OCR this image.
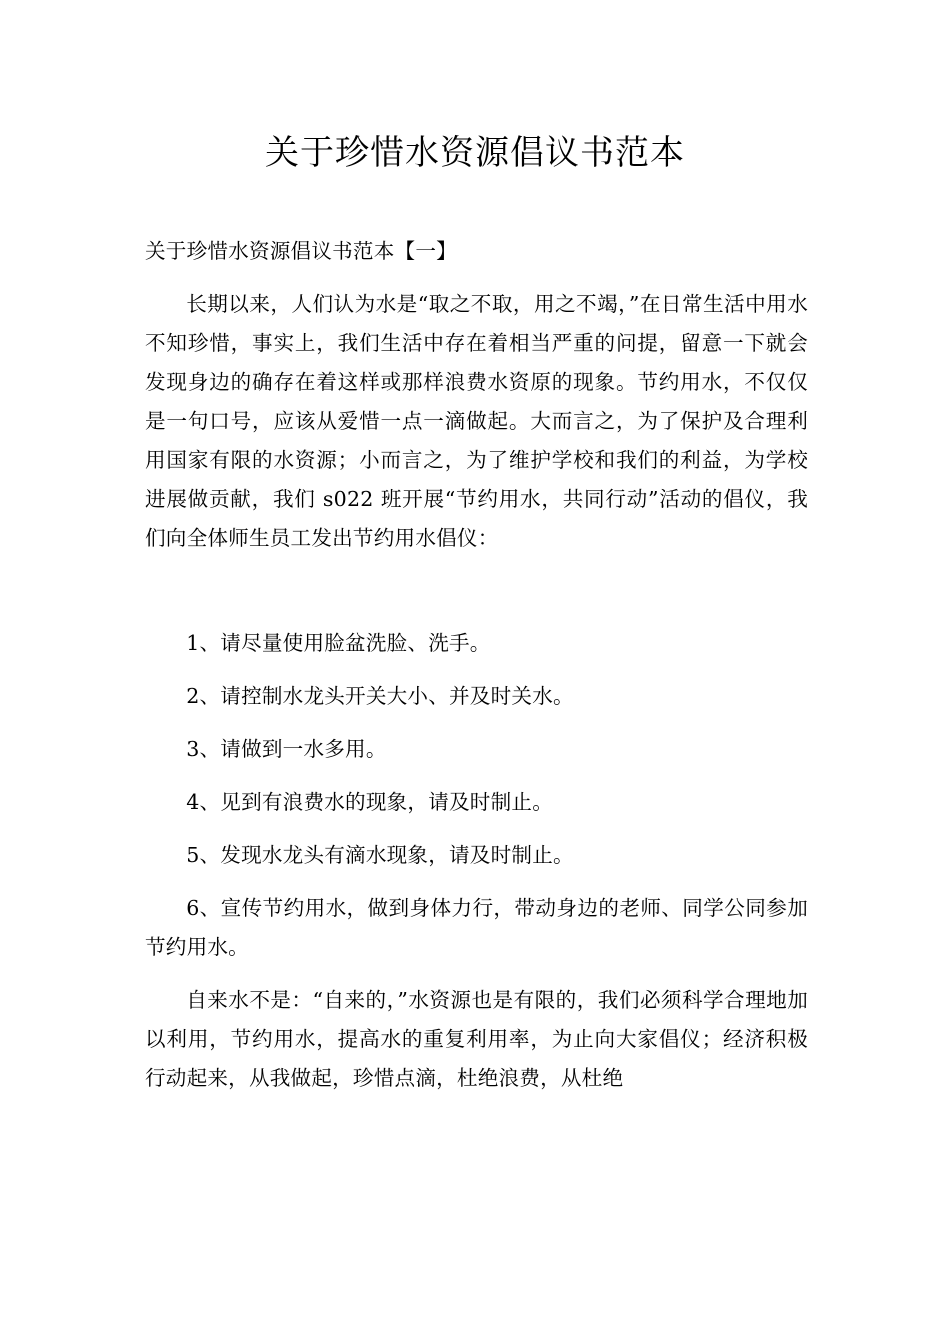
关于珍惜水资源倡议书范本

关于珍惜水资源倡议书范本【一】

长期以来，人们认为水是“取之不取，用之不竭，”在日常生活中用水不知珍惜，事实上，我们生活中存在着相当严重的问提，留意一下就会发现身边的确存在着这样或那样浪费水资原的现象。节约用水，不仅仅是一句口号，应该从爱惜一点一滴做起。大而言之，为了保护及合理利用国家有限的水资源；小而言之，为了维护学校和我们的利益，为学校进展做贡献，我们 s022 班开展“节约用水，共同行动”活动的倡仪，我们向全体师生员工发出节约用水倡仪：

1、请尽量使用脸盆洗脸、洗手。

2、请控制水龙头开关大小、并及时关水。

3、请做到一水多用。

4、见到有浪费水的现象，请及时制止。

5、发现水龙头有滴水现象，请及时制止。

6、宣传节约用水，做到身体力行，带动身边的老师、同学公同参加节约用水。

自来水不是：“自来的，”水资源也是有限的，我们必须科学合理地加以利用，节约用水，提高水的重复利用率，为止向大家倡仪；经济积极行动起来，从我做起，珍惜点滴，杜绝浪费，从杜绝
